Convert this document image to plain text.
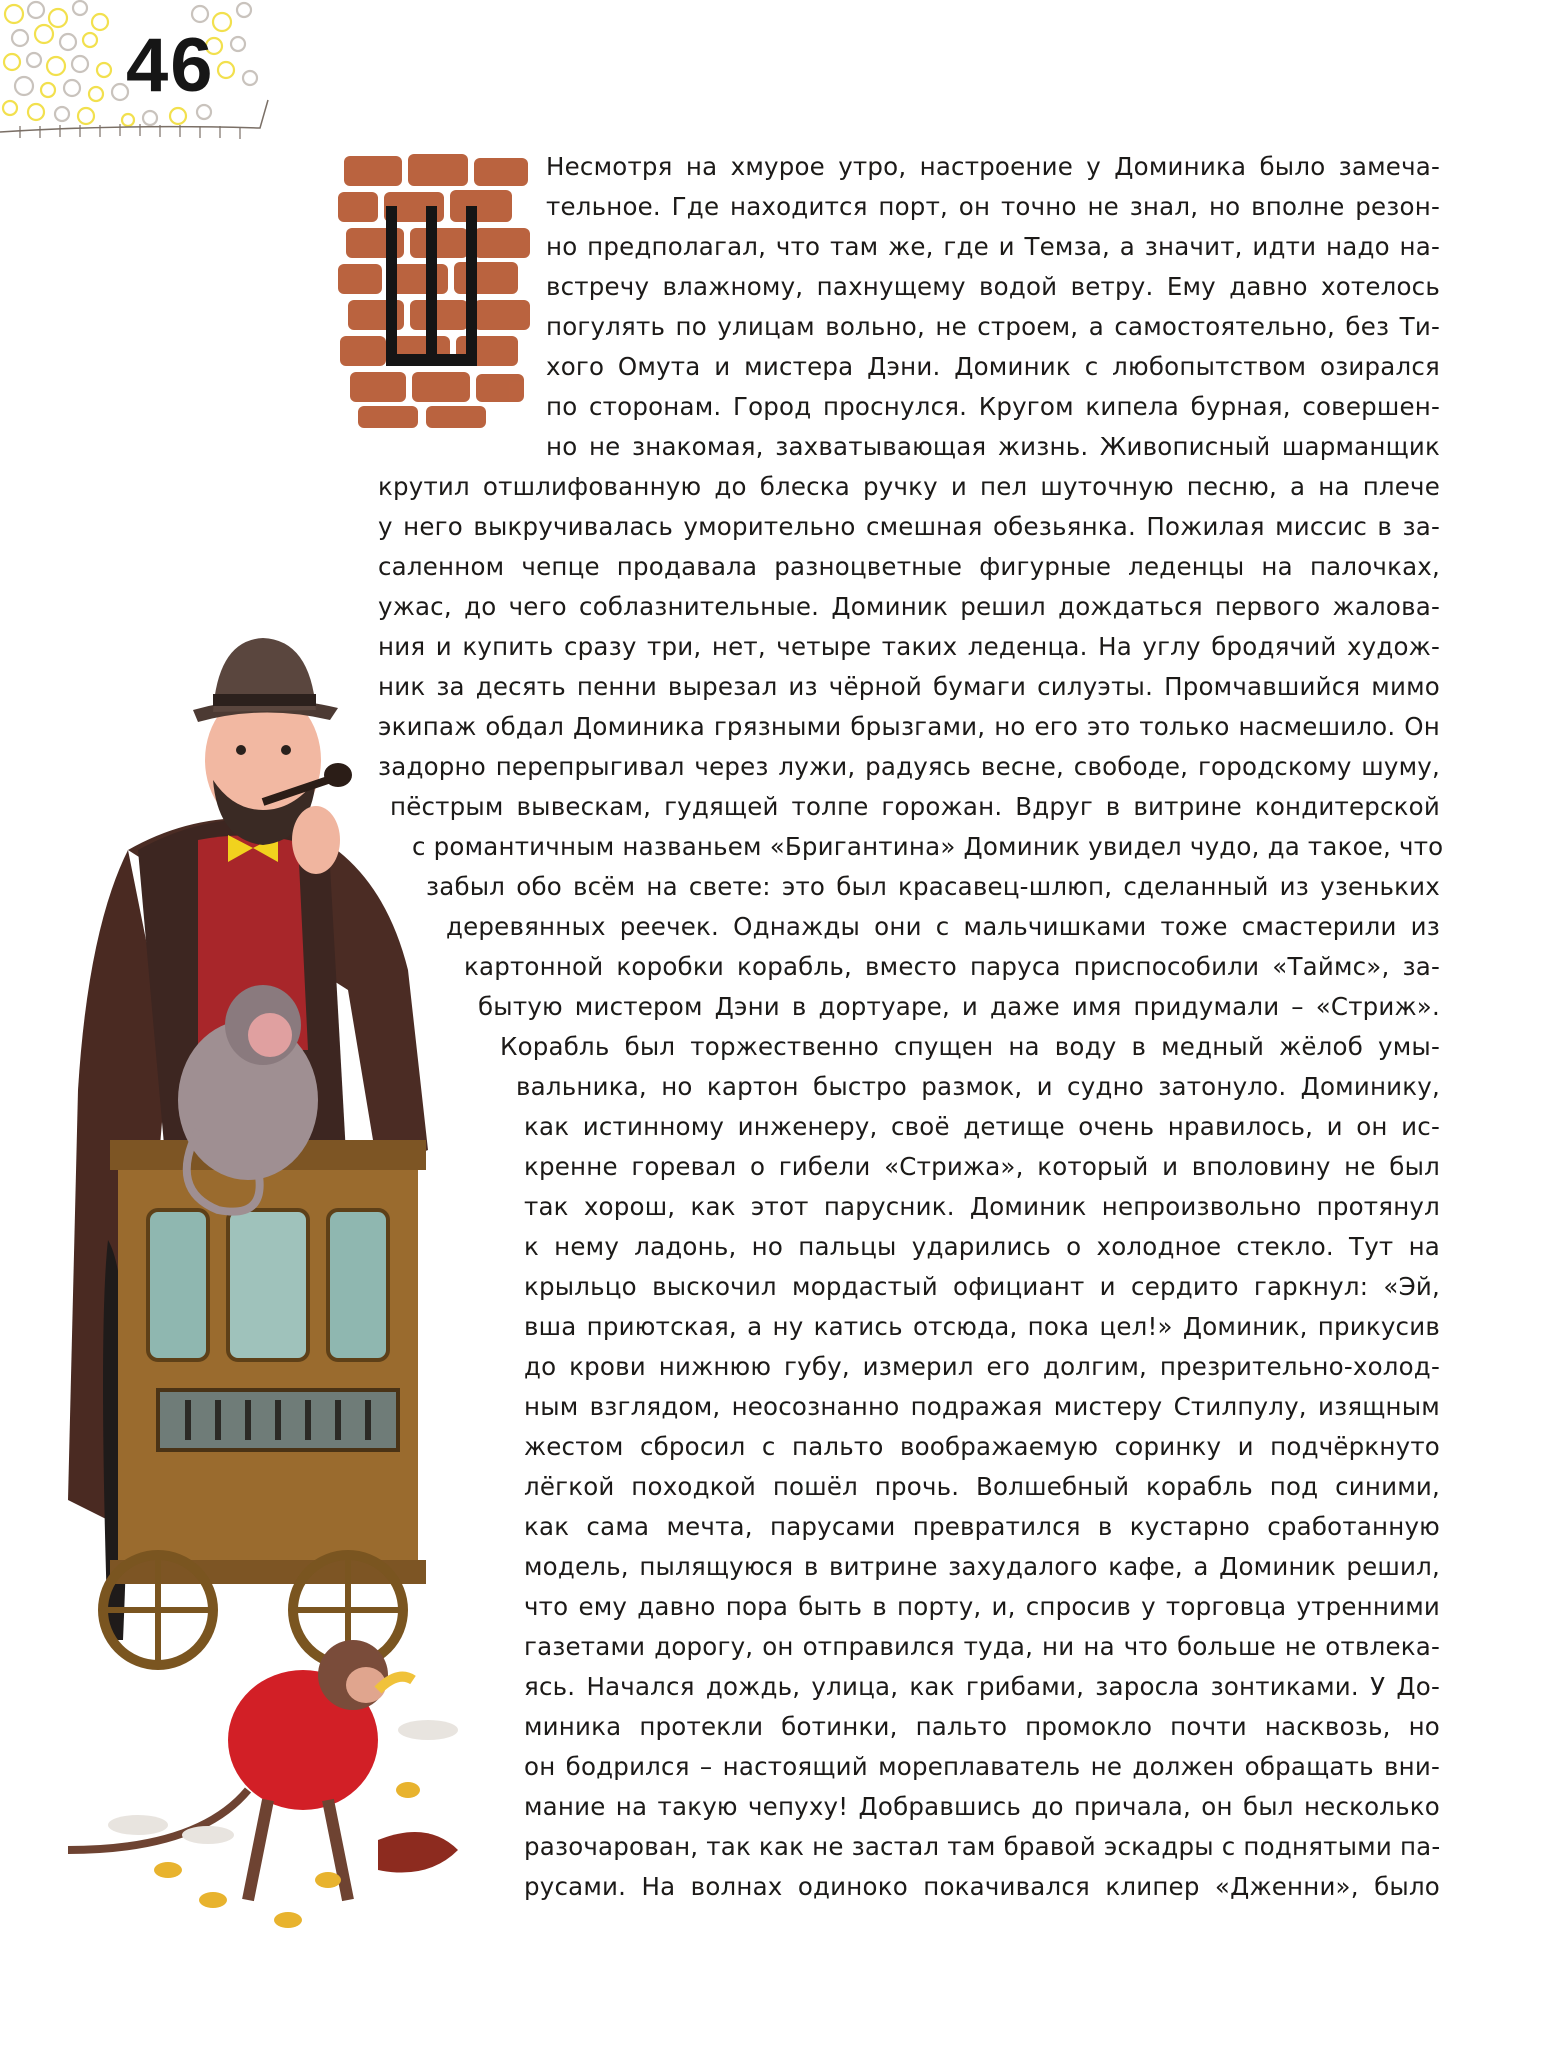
46
Несмотря на хмурое утро, настроение у Доминика было замеча-
тельное. Где находится порт, он точно не знал, но вполне резон-
но предполагал, что там же, где и Темза, а значит, идти надо на-
встречу влажному, пахнущему водой ветру. Ему давно хотелось
погулять по улицам вольно, не строем, а самостоятельно, без Ти-
хого Омута и мистера Дэни. Доминик с любопытством озирался
по сторонам. Город проснулся. Кругом кипела бурная, совершен-
но не знакомая, захватывающая жизнь. Живописный шарманщик
крутил отшлифованную до блеска ручку и пел шуточную песню, а на плече
у него выкручивалась уморительно смешная обезьянка. Пожилая миссис в за-
саленном чепце продавала разноцветные фигурные леденцы на палочках,
ужас, до чего соблазнительные. Доминик решил дождаться первого жалова-
ния и купить сразу три, нет, четыре таких леденца. На углу бродячий худож-
ник за десять пенни вырезал из чёрной бумаги силуэты. Промчавшийся мимо
экипаж обдал Доминика грязными брызгами, но его это только насмешило. Он
задорно перепрыгивал через лужи, радуясь весне, свободе, городскому шуму,
пёстрым вывескам, гудящей толпе горожан. Вдруг в витрине кондитерской
с романтичным названьем «Бригантина» Доминик увидел чудо, да такое, что
забыл обо всём на свете: это был красавец-шлюп, сделанный из узеньких
деревянных реечек. Однажды они с мальчишками тоже смастерили из
картонной коробки корабль, вместо паруса приспособили «Таймс», за-
бытую мистером Дэни в дортуаре, и даже имя придумали – «Стриж».
Корабль был торжественно спущен на воду в медный жёлоб умы-
вальника, но картон быстро размок, и судно затонуло. Доминику,
как истинному инженеру, своё детище очень нравилось, и он ис-
кренне горевал о гибели «Стрижа», который и вполовину не был
так хорош, как этот парусник. Доминик непроизвольно протянул
к нему ладонь, но пальцы ударились о холодное стекло. Тут на
крыльцо выскочил мордастый официант и сердито гаркнул: «Эй,
вша приютская, а ну катись отсюда, пока цел!» Доминик, прикусив
до крови нижнюю губу, измерил его долгим, презрительно-холод-
ным взглядом, неосознанно подражая мистеру Стилпулу, изящным
жестом сбросил с пальто воображаемую соринку и подчёркнуто
лёгкой походкой пошёл прочь. Волшебный корабль под синими,
как сама мечта, парусами превратился в кустарно сработанную
модель, пылящуюся в витрине захудалого кафе, а Доминик решил,
что ему давно пора быть в порту, и, спросив у торговца утренними
газетами дорогу, он отправился туда, ни на что больше не отвлека-
ясь. Начался дождь, улица, как грибами, заросла зонтиками. У До-
миника протекли ботинки, пальто промокло почти насквозь, но
он бодрился – настоящий мореплаватель не должен обращать вни-
мание на такую чепуху! Добравшись до причала, он был несколько
разочарован, так как не застал там бравой эскадры с поднятыми па-
русами. На волнах одиноко покачивался клипер «Дженни», было
